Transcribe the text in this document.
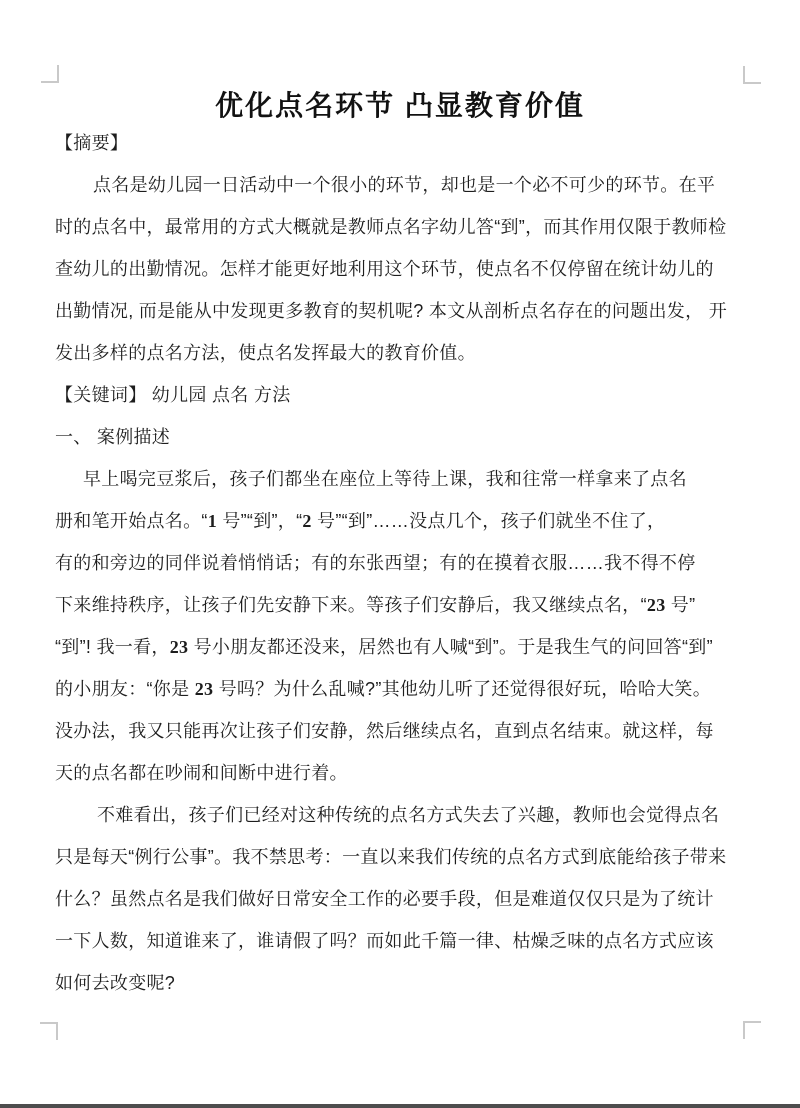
优化点名环节 凸显教育价值
【摘要】
点名是幼儿园一日活动中一个很小的环节，却也是一个必不可少的环节。在平
时的点名中，最常用的方式大概就是教师点名字幼儿答“到”，而其作用仅限于教师检
查幼儿的出勤情况。怎样才能更好地利用这个环节，使点名不仅停留在统计幼儿的
出勤情况, 而是能从中发现更多教育的契机呢? 本文从剖析点名存在的问题出发， 开
发出多样的点名方法，使点名发挥最大的教育价值。
【关键词】 幼儿园 点名 方法
一、 案例描述
早上喝完豆浆后，孩子们都坐在座位上等待上课，我和往常一样拿来了点名
册和笔开始点名。“1 号”“到”，“2 号”“到”……没点几个，孩子们就坐不住了，
有的和旁边的同伴说着悄悄话；有的东张西望；有的在摸着衣服……我不得不停
下来维持秩序，让孩子们先安静下来。等孩子们安静后，我又继续点名，“23 号”
“到”! 我一看，23 号小朋友都还没来，居然也有人喊“到”。于是我生气的问回答“到”
的小朋友：“你是 23 号吗？为什么乱喊?”其他幼儿听了还觉得很好玩，哈哈大笑。
没办法，我又只能再次让孩子们安静，然后继续点名，直到点名结束。就这样，每
天的点名都在吵闹和间断中进行着。
不难看出，孩子们已经对这种传统的点名方式失去了兴趣，教师也会觉得点名
只是每天“例行公事”。我不禁思考：一直以来我们传统的点名方式到底能给孩子带来
什么？虽然点名是我们做好日常安全工作的必要手段，但是难道仅仅只是为了统计
一下人数，知道谁来了，谁请假了吗？而如此千篇一律、枯燥乏味的点名方式应该
如何去改变呢?
